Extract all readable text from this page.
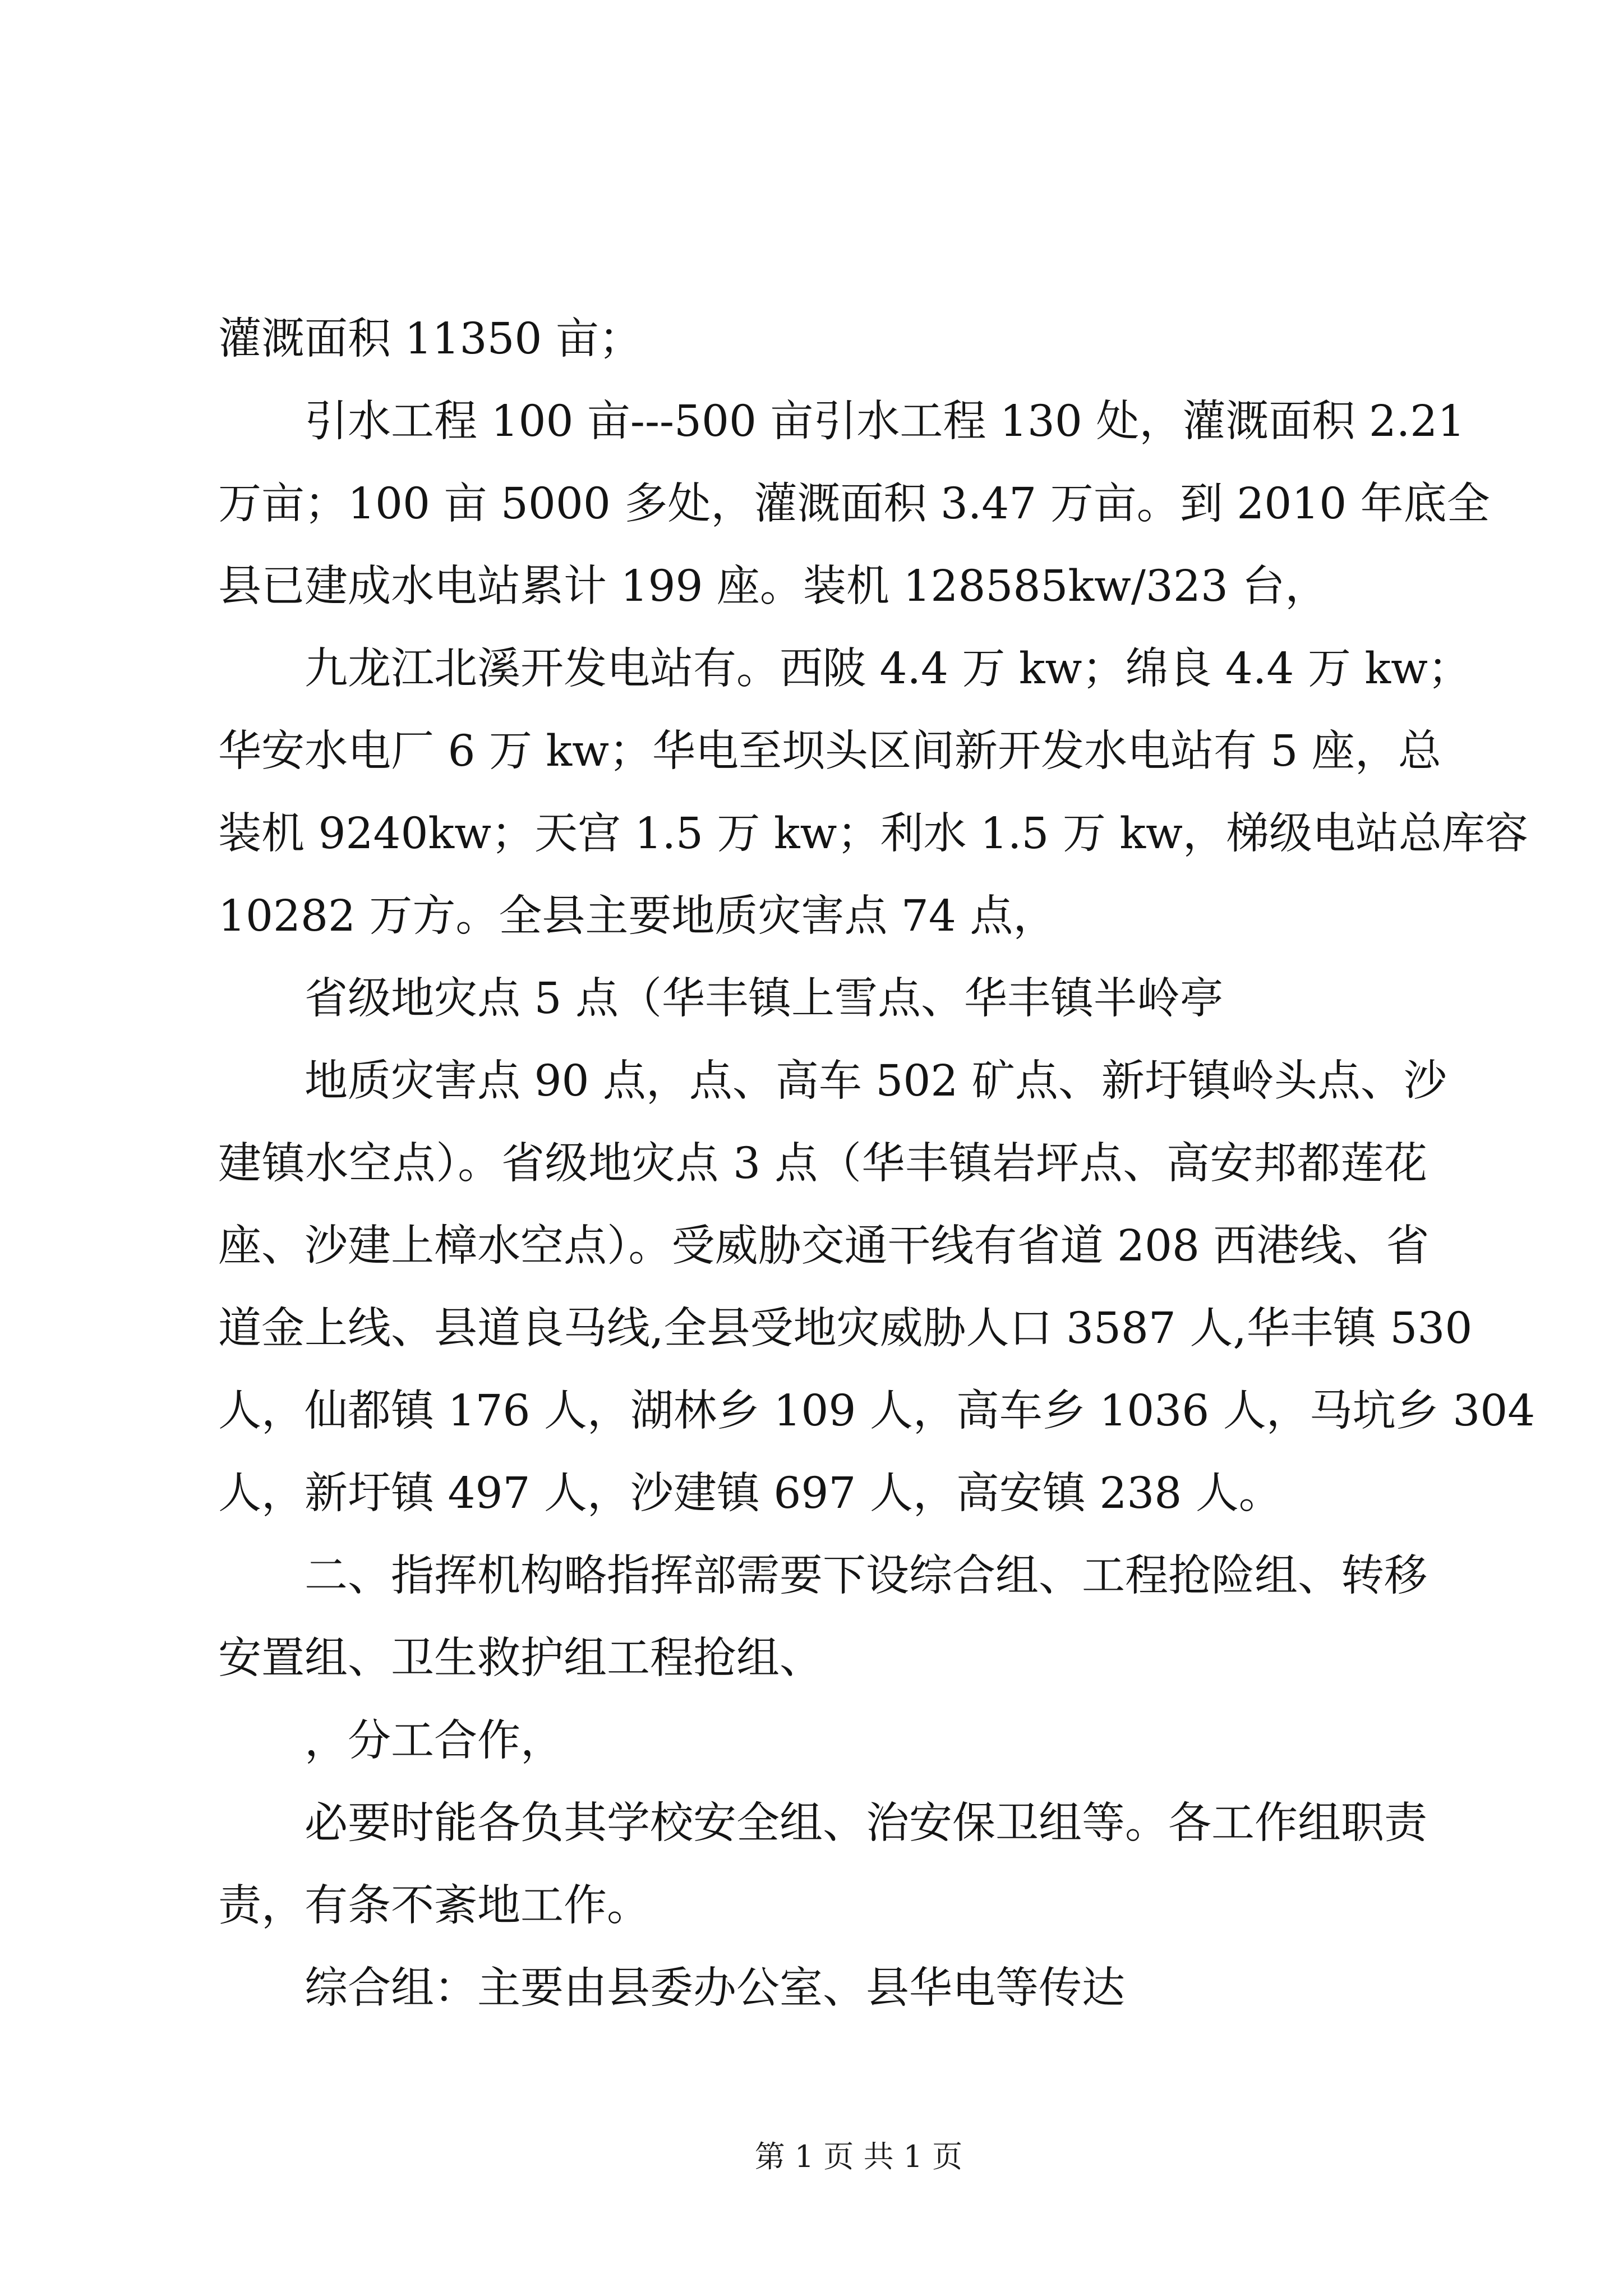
灌溉面积 11350 亩；
引水工程 100 亩---500 亩引水工程 130 处，灌溉面积 2.21
万亩；100 亩 5000 多处，灌溉面积 3.47 万亩。到 2010 年底全
县已建成水电站累计 199 座。装机 128585kw/323 台，
九龙江北溪开发电站有。西陂 4.4 万 kw；绵良 4.4 万 kw；
华安水电厂 6 万 kw；华电至坝头区间新开发水电站有 5 座，总
装机 9240kw；天宫 1.5 万 kw；利水 1.5 万 kw，梯级电站总库容
10282 万方。全县主要地质灾害点 74 点，
省级地灾点 5 点（华丰镇上雪点、华丰镇半岭亭
地质灾害点 90 点，点、高车 502 矿点、新圩镇岭头点、沙
建镇水空点）。省级地灾点 3 点（华丰镇岩坪点、高安邦都莲花
座、沙建上樟水空点）。受威胁交通干线有省道 208 西港线、省
道金上线、县道良马线,全县受地灾威胁人口 3587 人,华丰镇 530
人，仙都镇 176 人，湖林乡 109 人，高车乡 1036 人，马坑乡 304
人，新圩镇 497 人，沙建镇 697 人，高安镇 238 人。
二、指挥机构略指挥部需要下设综合组、工程抢险组、转移
安置组、卫生救护组工程抢组、
，分工合作，
必要时能各负其学校安全组、治安保卫组等。各工作组职责
责，有条不紊地工作。
综合组：主要由县委办公室、县华电等传达
第 1 页 共 1 页
